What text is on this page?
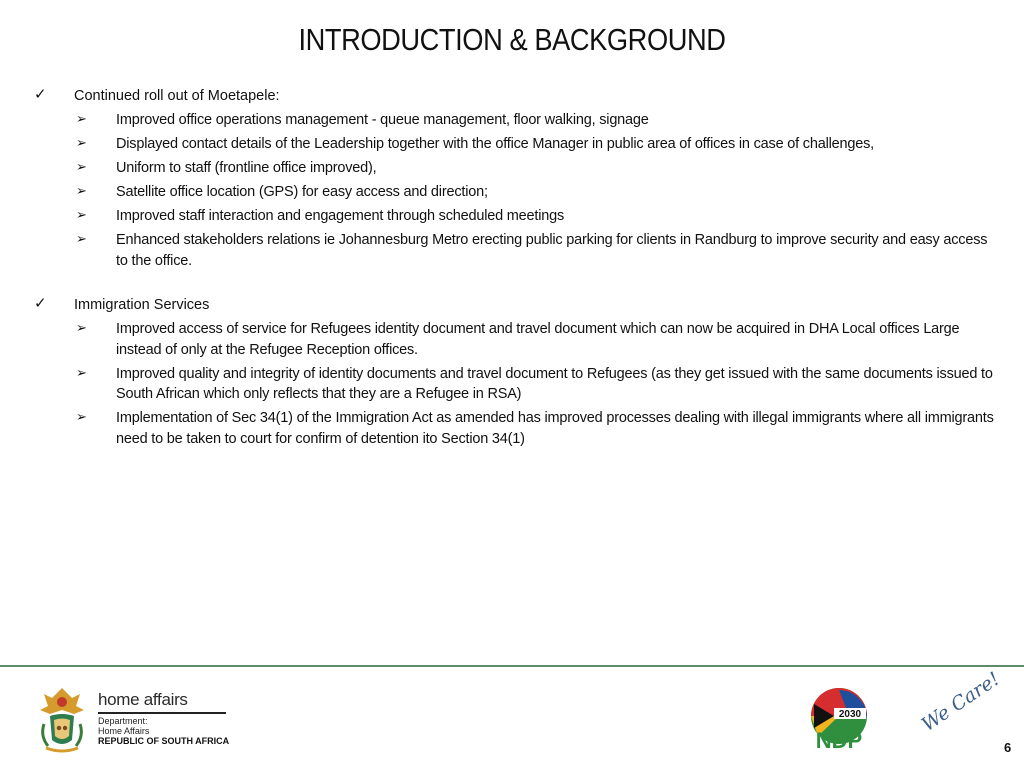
INTRODUCTION & BACKGROUND
✓	Continued roll out of Moetapele:
➢	Improved office operations management - queue management, floor walking, signage
➢	Displayed contact details of the Leadership together with the office Manager in public area of offices in case of challenges,
➢	Uniform to staff (frontline office improved),
➢	Satellite office location (GPS) for easy access and direction;
➢	Improved staff interaction and engagement through scheduled meetings
➢	Enhanced stakeholders relations ie Johannesburg Metro erecting public parking for clients in Randburg to improve security and easy access to the office.
✓	Immigration Services
➢	Improved access of service for Refugees identity document and travel document which can now be acquired in DHA Local offices Large instead of only at the Refugee Reception offices.
➢	Improved quality and integrity of identity documents and travel document to Refugees (as they get issued with the same documents issued to South African which only reflects that they are a Refugee in RSA)
➢	Implementation of Sec 34(1) of the Immigration Act as amended has improved processes dealing with illegal immigrants where all immigrants need to be taken to court for confirm of detention ito Section 34(1)
home affairs
Department:
Home Affairs
REPUBLIC OF SOUTH AFRICA
2030
NDP
We Care!
6
